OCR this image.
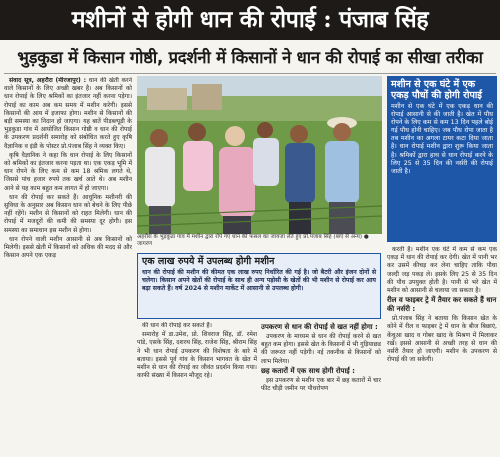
मशीनों से होगी धान की रोपाई : पंजाब सिंह
भुड़कुडा में किसान गोष्ठी, प्रदर्शनी में किसानों ने धान की रोपाई का सीखा तरीका

संवाद सूत्र, अहरौरा (मीरजापुर) : धान की खेती करने वाले किसानों के लिए अच्छी खबर है। अब किसानों को धान रोपाई के लिए श्रमिकों का इंतजार नहीं करना पड़ेगा। रोपाई का काम अब कम समय में मशीन करेगी। इससे किसानों की आय में इजाफा होगा। मशीन से किसानों की बड़ी समस्या का निदान हो जाएगा। यह बातें पीडब्ल्यूडी के भुड़कुडा गांव में आयोजित किसान गोष्ठी व धान की रोपाई के उपकरण प्रदर्शनी समारोह को संबोधित करते हुए कृषि वैज्ञानिक व इंडी के पोस्टर प्रो.पंजाब सिंह ने व्यक्त किए।

कृषि वैज्ञानिक ने कहा कि धान रोपाई के लिए किसानों को श्रमिकों का इंतजार करना पड़ता था। एक एकड़ भूमि में धान रोपने के लिए कम से कम 18 श्रमिक लगते थे, जिससे पांच हजार रुपये तक खर्च आते थे। अब मशीन आने से यह काम बहुत कम लागत में हो जाएगा।

धान की रोपाई कर सकते हैं। आधुनिक मशीनरी की सुविधा के अनुसार अब किसान धान को बेचने के लिए पीछे नहीं रहेंगे। मशीन से किसानों को राहत मिलेगी। धान की रोपाई में मजदूरों की कमी की समस्या दूर होगी। इस समस्या का समाधान इस मशीन से होगा।

धान रोपने वाली मशीन आसानी से अब किसानों को मिलेगी। इससे खेती में किसानों को अधिक की मदद से और किसान अपने एक एकड़

अहरौरा के भुड़कुडा गांव में मशीन द्वारा रोपे गए धान की फसल का जायजा लेते हुए प्रो.पंजाब सिंह (बाएं से अन्य) ● जागरण
मशीन से एक घंटे में एक एकड़ पौधों की होगी रोपाई
मशीन से एक घंटे में एक एकड़ धान की रोपाई आसानी से की जाती है। खेत में पौध रोपने के लिए कम से कम 13 दिन पहले बोई गई पौध होनी चाहिए। जब पौध रोपा जाता है तब मशीन का अगला टायर कटा दिया जाता है। धान रोपाई मशीन द्वारा शुरू किया जाता है। श्रमिकों द्वारा हाथ से धान रोपाई करने के लिए 25 से 35 दिन की नर्सरी की रोपाई जाती है।
एक लाख रुपये में उपलब्ध होगी मशीन
धान की रोपाई की मशीन की कीमत एक लाख रुपए निर्धारित की गई है। जो बैटरी और इंजन दोनों से चलेगा। किसान अपने खेतों की रोपाई के साथ ही अन्य पड़ोसी के खेतों की भी मशीन से रोपाई कर आय बढ़ा सकते हैं। वर्ष 2024 से मशीन मार्केट में आसानी से उपलब्ध होगी।

की धान की रोपाई कर सकते हैं।

समारोह में डा.उमेश, प्रो. शिवराज सिंह, डॉ. रमेश पांडे, एसके सिंह, दशरथ सिंह, राजेश सिंह, श्रीराम सिंह ने भी धान रोपाई उपकरण की विशेषता के बारे में बताया। इससे पूर्व गांव के किसान भागवत के खेत में मशीन से धान की रोपाई का जीवंत प्रदर्शन किया गया। काफी संख्या में किसान मौजूद रहे।

उपकरण से धान की रोपाई से खत नहीं होगा :

उपकरण के माध्यम से धान की रोपाई करने से खत बहुत कम होगा। इससे खेत के किसानों में भी गुड़ियाछड की जरूरत नहीं पड़ेगी। नई तकनीक से किसानों को लाभ मिलेगा।

छह कतारों में एक साथ होगी रोपाई :

इस उपकरण से मशीन एक बार में छह कतारों में चार फीट चौड़ी जमीन पर पौधरोपण

करती है। मशीन एक घंटे में कम से कम एक एकड़ में धान की रोपाई कर देगी। खेत में पानी भर कर उसमें कीचड़ कर लेना चाहिए ताकि पौधा जल्दी जड़ पकड़ ले। इसके लिए 25 से 35 दिन की पौध उपयुक्त होती है। पानी से भरे खेत में मशीन को आसानी से चलाया जा सकता है।

रील व फाइबर ट्रे में तैयार कर सकते हैं धान की नर्सरी :

प्रो.पंजाब सिंह ने बताया कि किसान खेत के कोने में रील व फाइबर ट्रे में धान के बीज बिछाएं, केंचुआ खाद व गोबर खाद के मिश्रण में मिलाकर रखें। इससे आसानी से अच्छी तरह से धान की नर्सरी तैयार हो जाएगी। मशीन के उपकरण से रोपाई की जा सकेगी।
